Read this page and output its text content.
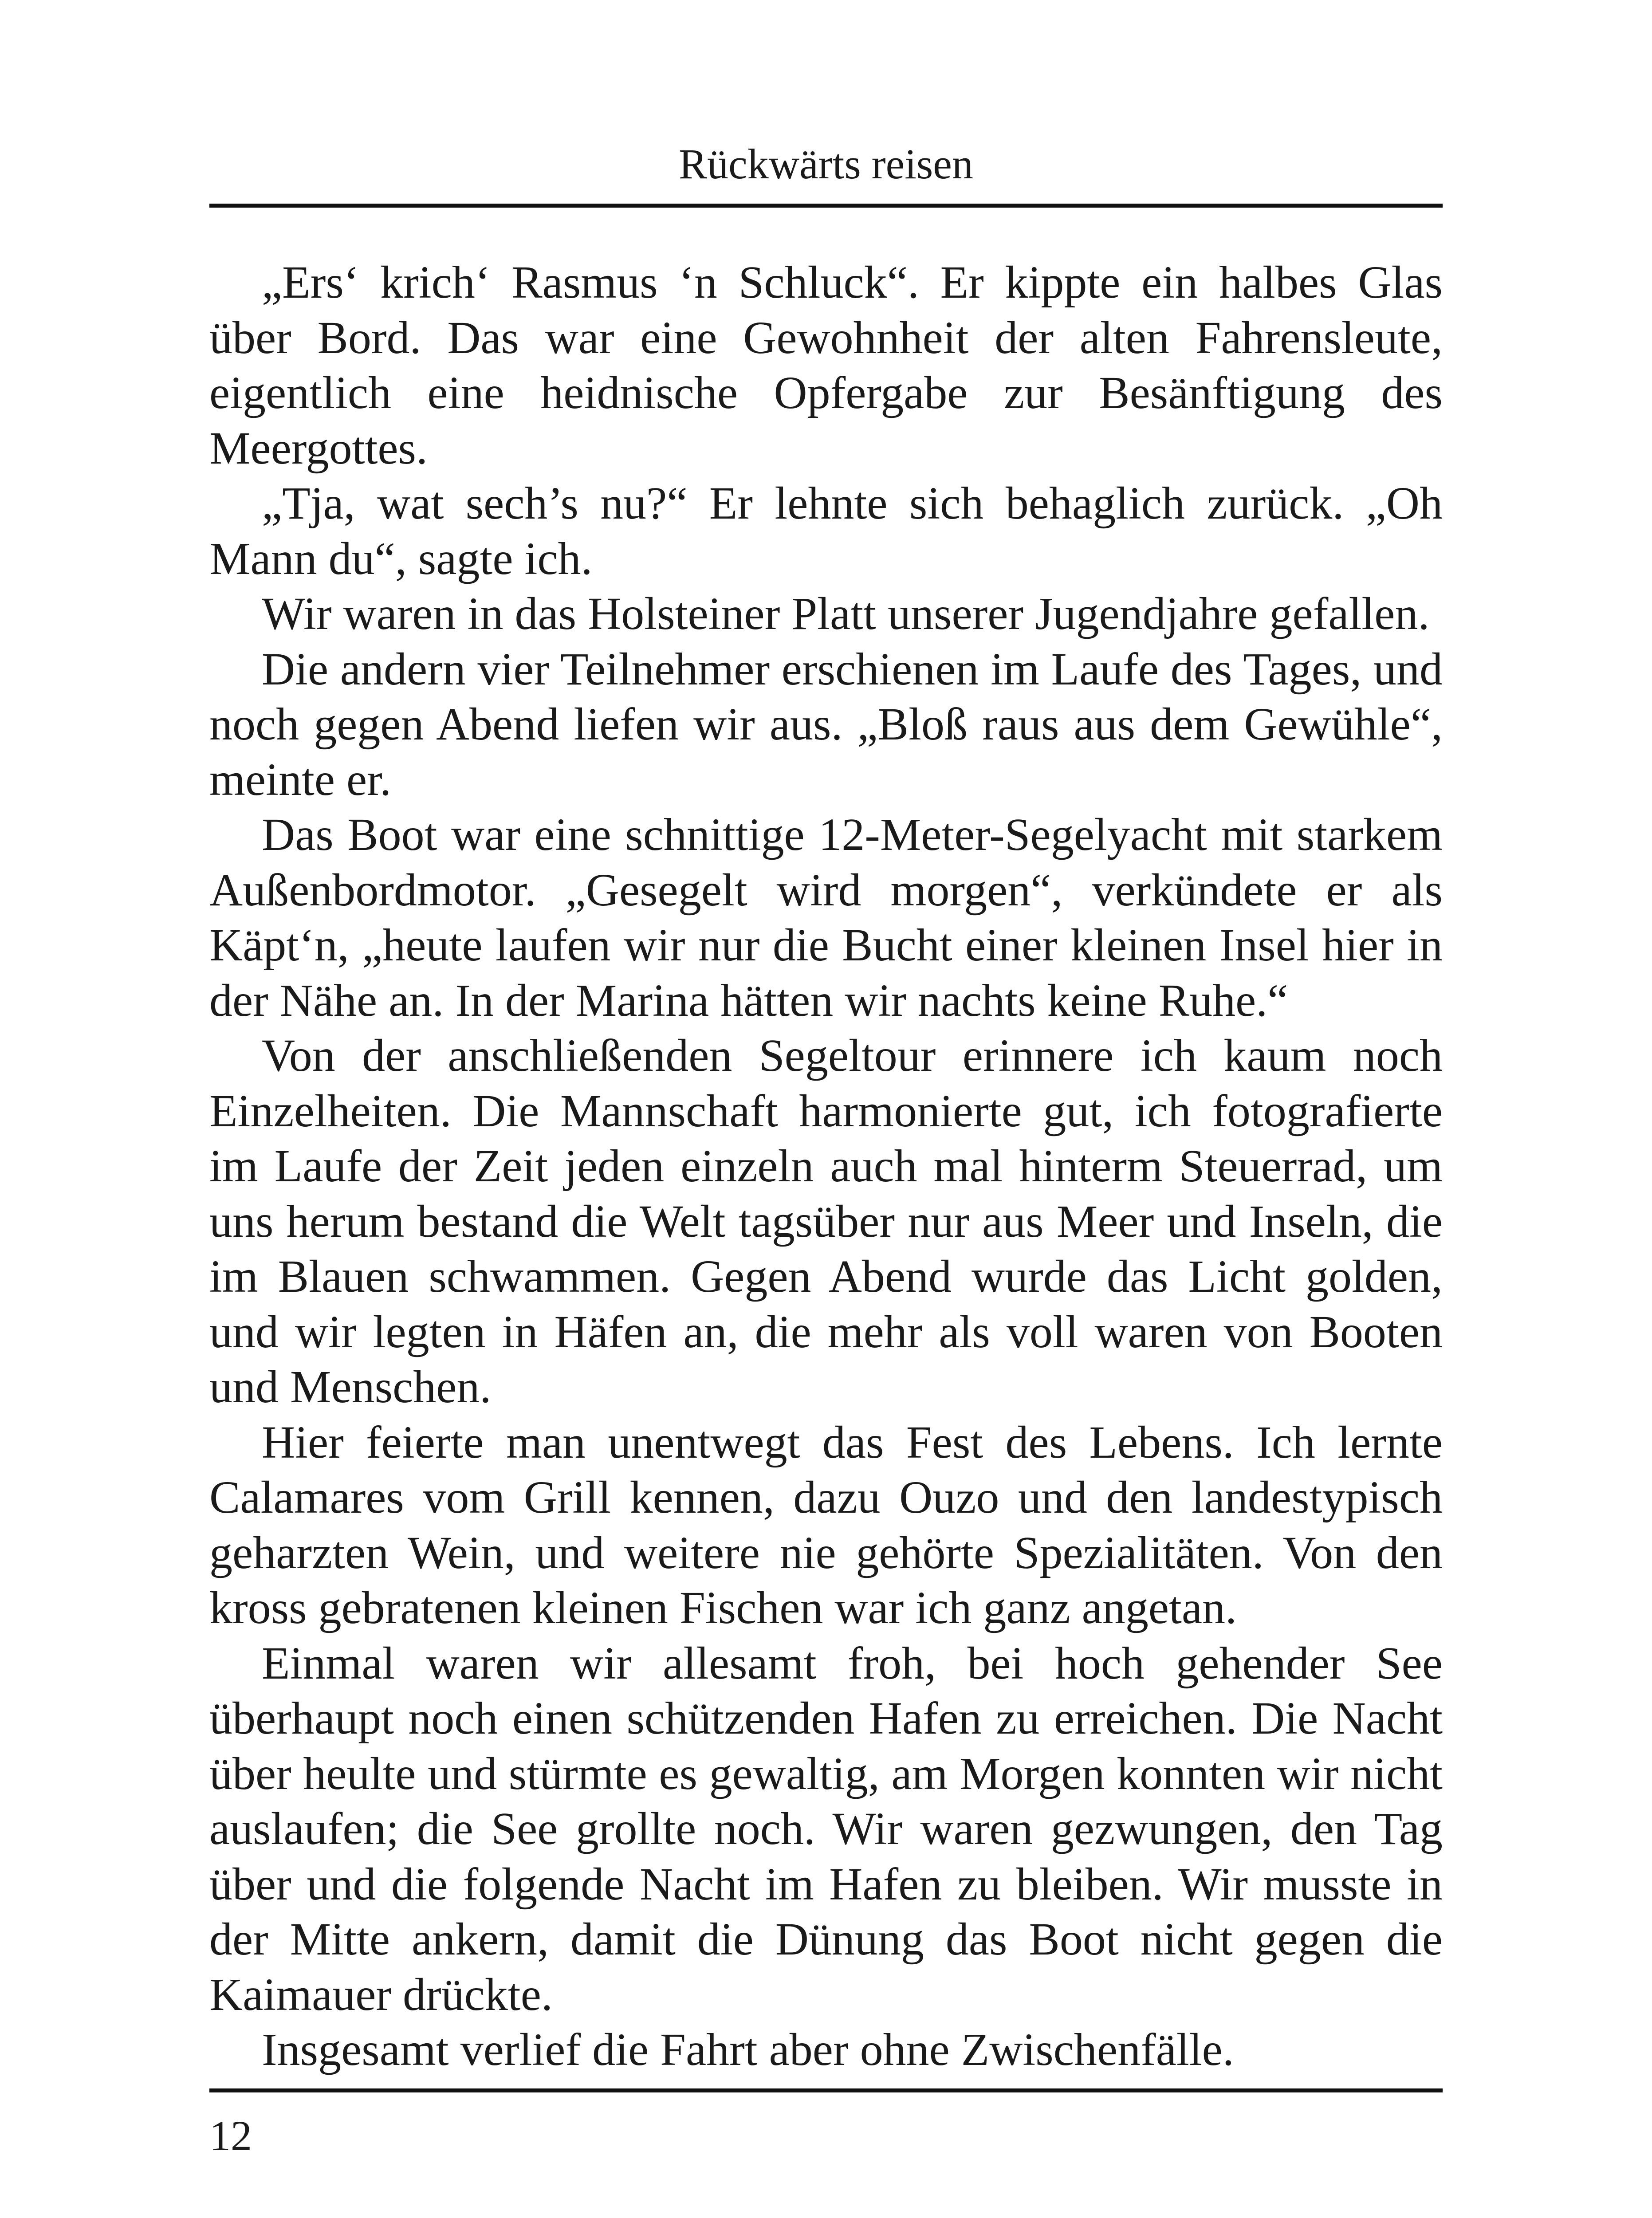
Rückwärts reisen

„Ers‘ krich‘ Rasmus ‘n Schluck“. Er kippte ein halbes Glas über Bord. Das war eine Gewohnheit der alten Fahrensleute, eigentlich eine heidnische Opfergabe zur Besänftigung des Meergottes.

„Tja, wat sech’s nu?“ Er lehnte sich behaglich zurück. „Oh Mann du“, sagte ich.

Wir waren in das Holsteiner Platt unserer Jugendjahre gefallen.

Die andern vier Teilnehmer erschienen im Laufe des Tages, und noch gegen Abend liefen wir aus. „Bloß raus aus dem Gewühle“, meinte er.

Das Boot war eine schnittige 12-Meter-Segelyacht mit starkem Außenbordmotor. „Gesegelt wird morgen“, verkündete er als Käpt‘n, „heute laufen wir nur die Bucht einer kleinen Insel hier in der Nähe an. In der Marina hätten wir nachts keine Ruhe.“

Von der anschließenden Segeltour erinnere ich kaum noch Einzelheiten. Die Mannschaft harmonierte gut, ich fotografierte im Laufe der Zeit jeden einzeln auch mal hinterm Steuerrad, um uns herum bestand die Welt tagsüber nur aus Meer und Inseln, die im Blauen schwammen. Gegen Abend wurde das Licht golden, und wir legten in Häfen an, die mehr als voll waren von Booten und Menschen.

Hier feierte man unentwegt das Fest des Lebens. Ich lernte Calamares vom Grill kennen, dazu Ouzo und den landestypisch geharzten Wein, und weitere nie gehörte Spezialitäten. Von den kross gebratenen kleinen Fischen war ich ganz angetan.

Einmal waren wir allesamt froh, bei hoch gehender See überhaupt noch einen schützenden Hafen zu erreichen. Die Nacht über heulte und stürmte es gewaltig, am Morgen konnten wir nicht auslaufen; die See grollte noch. Wir waren gezwungen, den Tag über und die folgende Nacht im Hafen zu bleiben. Wir musste in der Mitte ankern, damit die Dünung das Boot nicht gegen die Kaimauer drückte.

Insgesamt verlief die Fahrt aber ohne Zwischenfälle.

12
